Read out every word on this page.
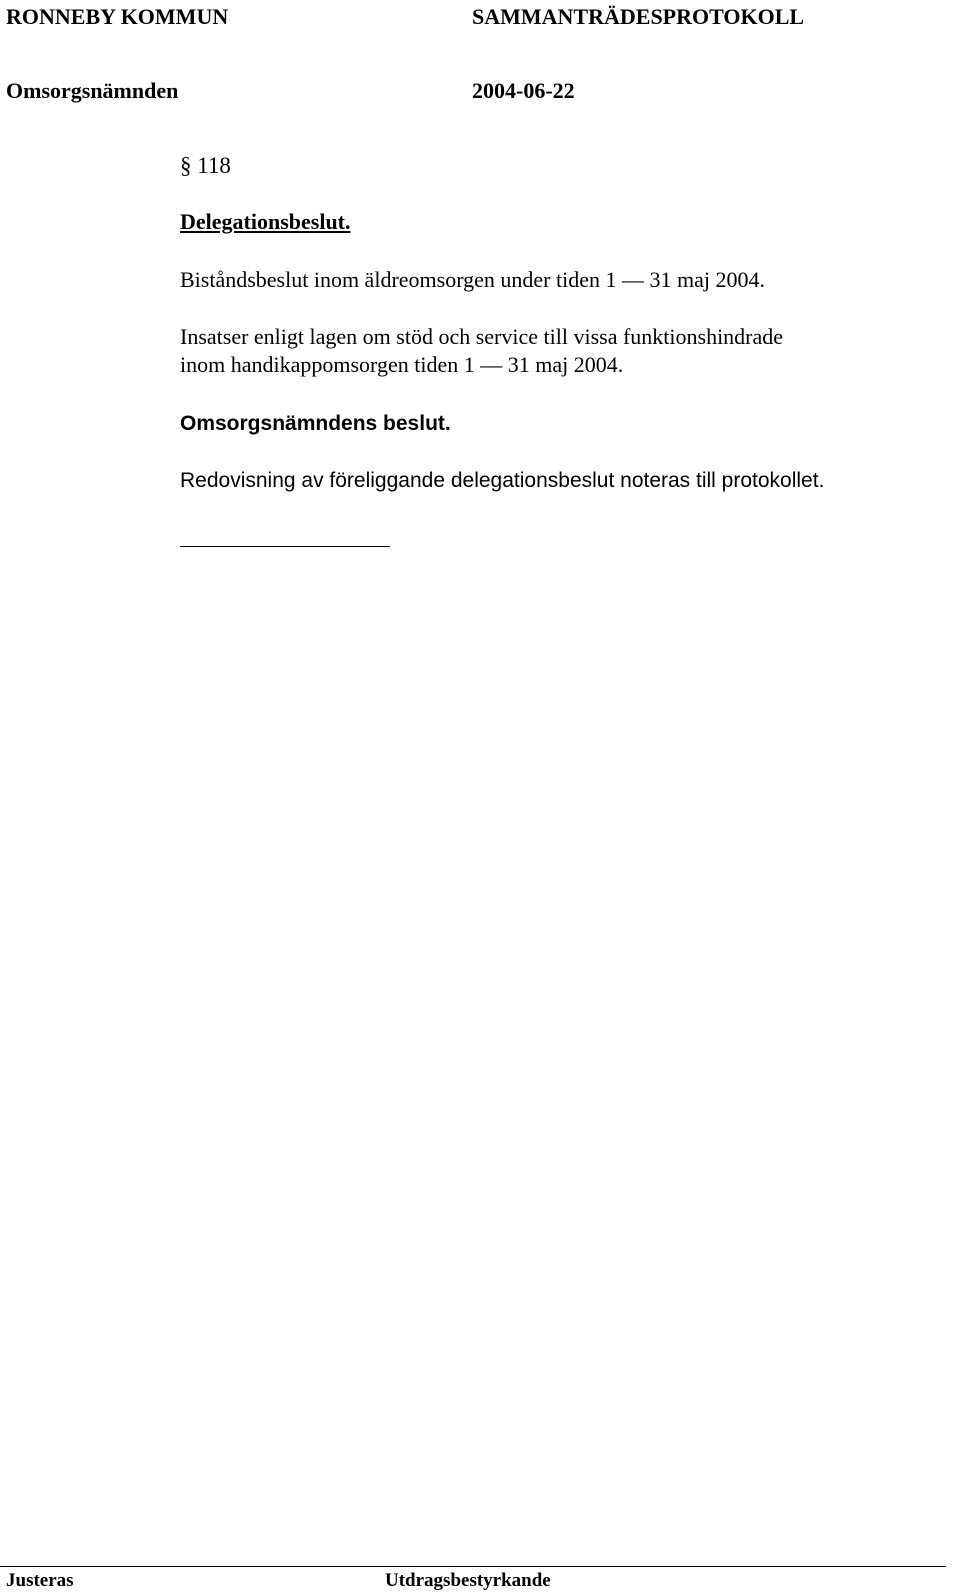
RONNEBY KOMMUN	SAMMANTRÄDESPROTOKOLL
Omsorgsnämnden	2004-06-22
§ 118
Delegationsbeslut.
Biståndsbeslut inom äldreomsorgen under tiden 1 — 31 maj 2004.
Insatser enligt lagen om stöd och service till vissa funktionshindrade
inom handikappomsorgen tiden 1 — 31 maj 2004.
Omsorgsnämndens beslut.
Redovisning av föreliggande delegationsbeslut noteras till protokollet.
Justeras	Utdragsbestyrkande
